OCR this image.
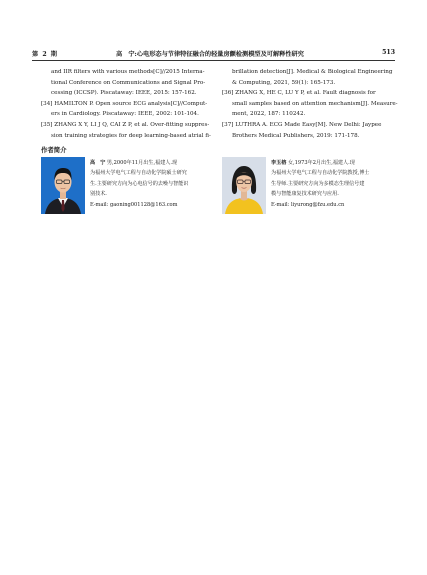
第 2 期	高　宁:心电形态与节律特征融合的轻量房颤检测模型及可解释性研究	513
and IIR filters with various methods[C]//2015 Interna-
tional Conference on Communications and Signal Pro-
cessing (ICCSP). Piscataway: IEEE, 2015: 157-162.
[34] HAMILTON P. Open source ECG analysis[C]//Comput-
ers in Cardiology. Piscataway: IEEE, 2002: 101-104.
[35] ZHANG X Y, LI J Q, CAI Z P, et al. Over-fitting suppres-
sion training strategies for deep learning-based atrial fi-
brillation detection[J]. Medical & Biological Engineering
& Computing, 2021, 59(1): 165-173.
[36] ZHANG X, HE C, LU Y P, et al. Fault diagnosis for
small samples based on attention mechanism[J]. Measure-
ment, 2022, 187: 110242.
[37] LUTHRA A. ECG Made Easy[M]. New Delhi: Jaypee
Brothers Medical Publishers, 2019: 171-178.
作者简介
高　宁 男,2000年11月出生,福建人.现
为福州大学电气工程与自动化学院硕士研究
生.主要研究方向为心电信号的去噪与智能识
别技术.
E-mail: gaoning001128@163.com
李玉榕 女,1973年2月出生,福建人.现
为福州大学电气工程与自动化学院教授,博士
生导师.主要研究方向为多模态生理信号建
模与智能康复技术研究与应用.
E-mail: liyurong@fzu.edu.cn
